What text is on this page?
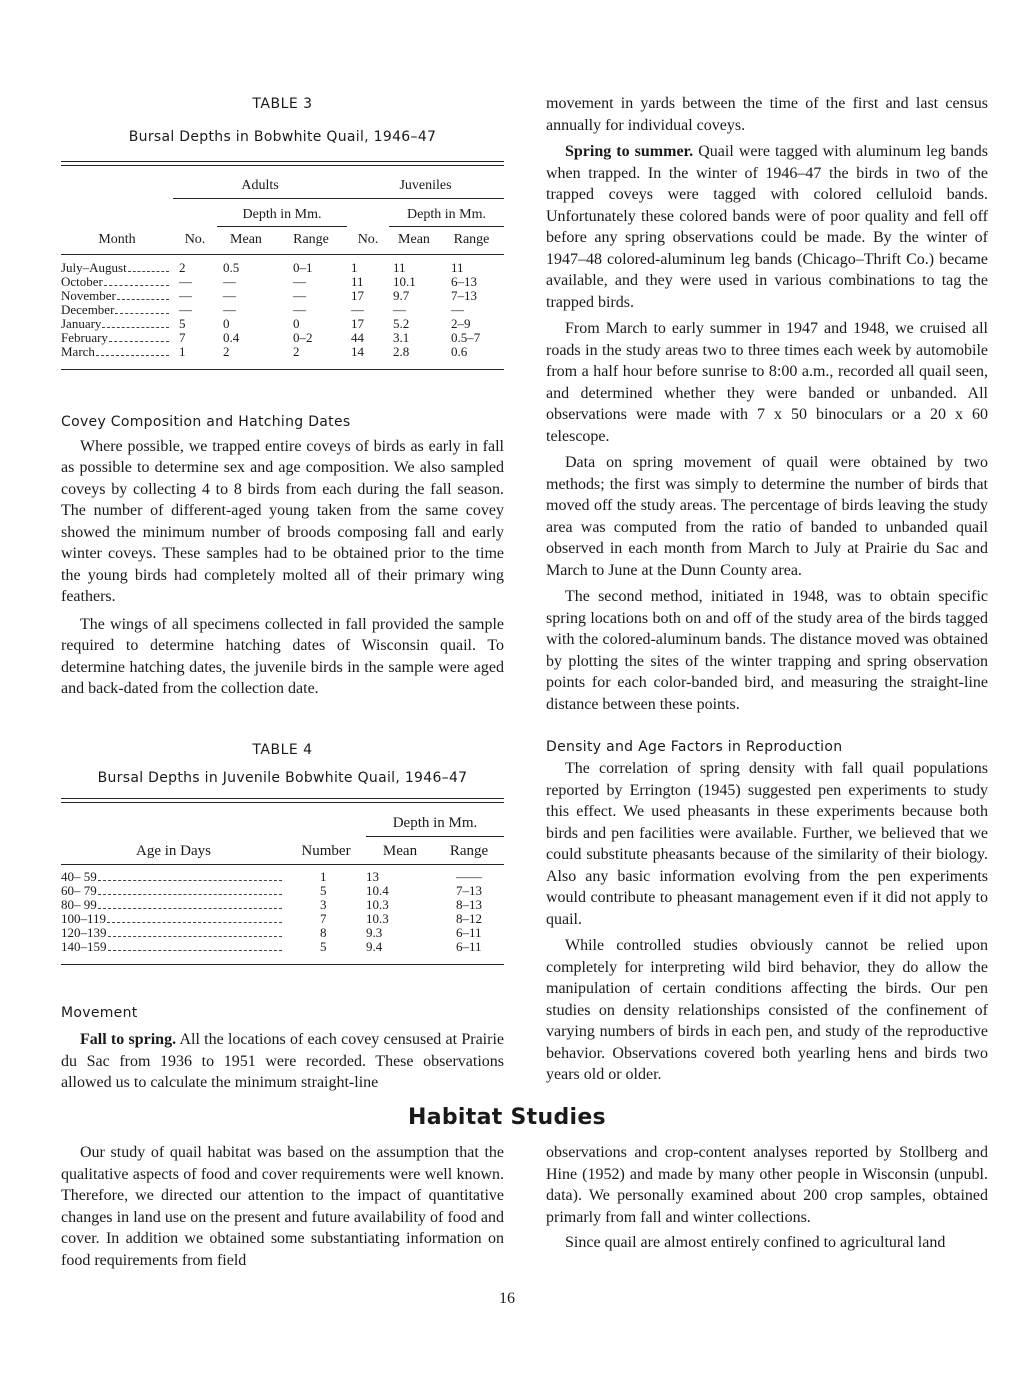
TABLE 3
Bursal Depths in Bobwhite Quail, 1946–47
	Adults			Juveniles		
		Depth in Mm.			Depth in Mm.	
Month	No.	Mean	Range	No.	Mean	Range

July–August	2	0.5	0–1	1	11	11

October	—	—	—	11	10.1	6–13

November	—	—	—	17	9.7	7–13

December	—	—	—	—	—	—

January	5	0	0	17	5.2	2–9

February	7	0.4	0–2	44	3.1	0.5–7

March	1	2	2	14	2.8	0.6
Covey Composition and Hatching Dates

Where possible, we trapped entire coveys of birds as early in fall as possible to determine sex and age composition. We also sampled coveys by collecting 4 to 8 birds from each during the fall season. The number of different-aged young taken from the same covey showed the minimum number of broods composing fall and early winter coveys. These samples had to be obtained prior to the time the young birds had completely molted all of their primary wing feathers.

The wings of all specimens collected in fall provided the sample required to determine hatching dates of Wisconsin quail. To determine hatching dates, the juvenile birds in the sample were aged and back-dated from the collection date.

TABLE 4
Bursal Depths in Juvenile Bobwhite Quail, 1946–47
		Depth in Mm.	
Age in Days	Number	Mean	Range

40– 59	1	13	——

60– 79	5	10.4	7–13

80– 99	3	10.3	8–13

100–119	7	10.3	8–12

120–139	8	9.3	6–11

140–159	5	9.4	6–11
Movement

Fall to spring. All the locations of each covey censused at Prairie du Sac from 1936 to 1951 were recorded. These observations allowed us to calculate the minimum straight-line

movement in yards between the time of the first and last census annually for individual coveys.

Spring to summer. Quail were tagged with aluminum leg bands when trapped. In the winter of 1946–47 the birds in two of the trapped coveys were tagged with colored celluloid bands. Unfortunately these colored bands were of poor quality and fell off before any spring observations could be made. By the winter of 1947–48 colored-aluminum leg bands (Chicago–Thrift Co.) became available, and they were used in various combinations to tag the trapped birds.

From March to early summer in 1947 and 1948, we cruised all roads in the study areas two to three times each week by automobile from a half hour before sunrise to 8:00 a.m., recorded all quail seen, and determined whether they were banded or unbanded. All observations were made with 7 x 50 binoculars or a 20 x 60 telescope.

Data on spring movement of quail were obtained by two methods; the first was simply to determine the number of birds that moved off the study areas. The percentage of birds leaving the study area was computed from the ratio of banded to unbanded quail observed in each month from March to July at Prairie du Sac and March to June at the Dunn County area.

The second method, initiated in 1948, was to obtain specific spring locations both on and off of the study area of the birds tagged with the colored-aluminum bands. The distance moved was obtained by plotting the sites of the winter trapping and spring observation points for each color-banded bird, and measuring the straight-line distance between these points.

Density and Age Factors in Reproduction

The correlation of spring density with fall quail populations reported by Errington (1945) suggested pen experiments to study this effect. We used pheasants in these experiments because both birds and pen facilities were available. Further, we believed that we could substitute pheasants because of the similarity of their biology. Also any basic information evolving from the pen experiments would contribute to pheasant management even if it did not apply to quail.

While controlled studies obviously cannot be relied upon completely for interpreting wild bird behavior, they do allow the manipulation of certain conditions affecting the birds. Our pen studies on density relationships consisted of the confinement of varying numbers of birds in each pen, and study of the reproductive behavior. Observations covered both yearling hens and birds two years old or older.

Habitat Studies

Our study of quail habitat was based on the assumption that the qualitative aspects of food and cover requirements were well known. Therefore, we directed our attention to the impact of quantitative changes in land use on the present and future availability of food and cover. In addition we obtained some substantiating information on food requirements from field

observations and crop-content analyses reported by Stollberg and Hine (1952) and made by many other people in Wisconsin (unpubl. data). We personally examined about 200 crop samples, obtained primarly from fall and winter collections.

Since quail are almost entirely confined to agricultural land

16
